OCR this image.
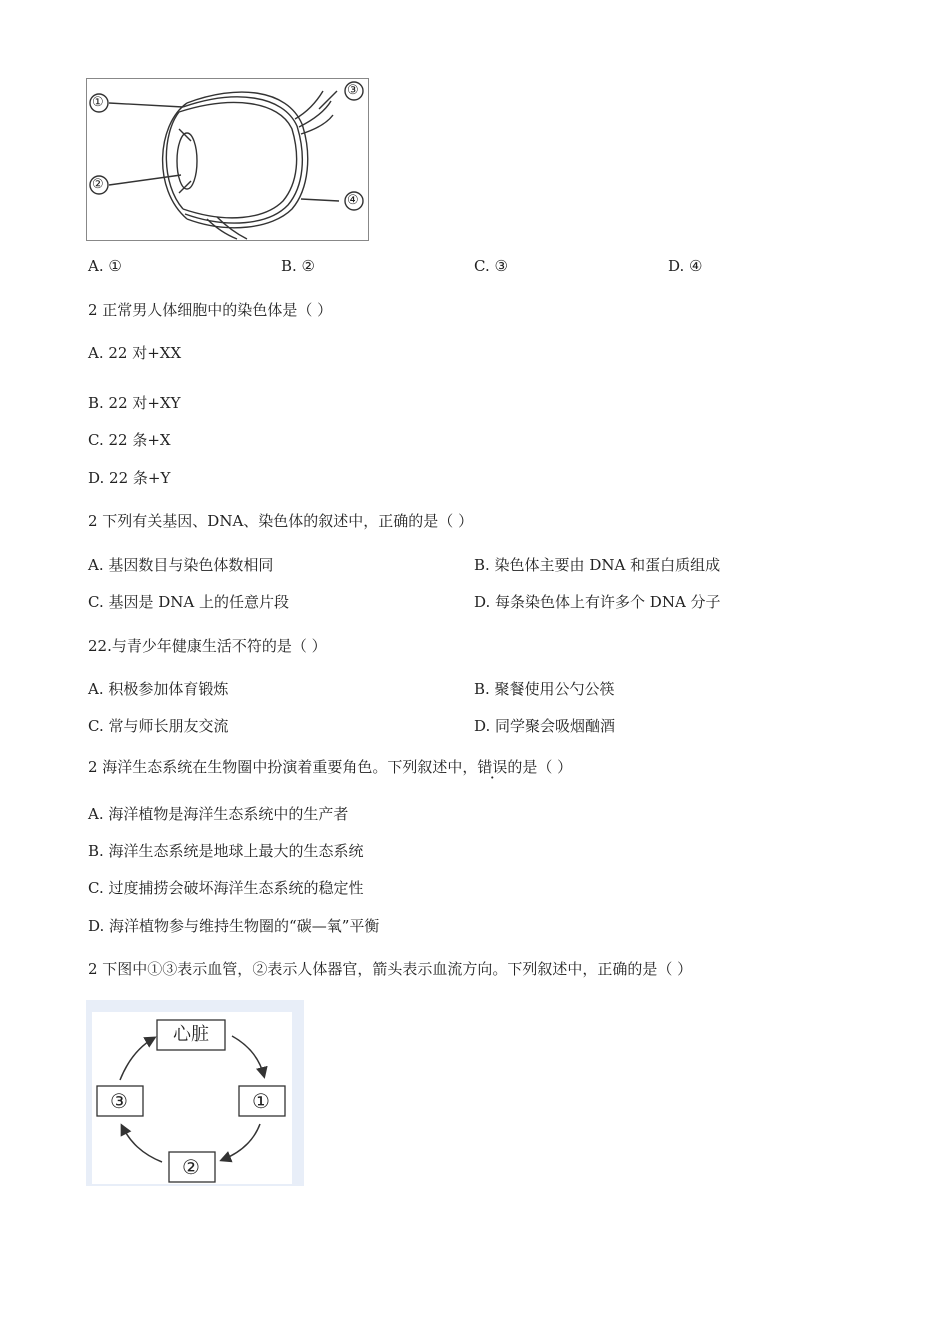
①
②
③
④
A. ①	B. ②	C. ③	D. ④
2 正常男人体细胞中的染色体是（ ）
A. 22 对+XX
B. 22 对+XY
C. 22 条+X
D. 22 条+Y
2 下列有关基因、DNA、染色体的叙述中，正确的是（ ）
A. 基因数目与染色体数相同	B. 染色体主要由 DNA 和蛋白质组成
C. 基因是 DNA 上的任意片段	D. 每条染色体上有许多个 DNA 分子
22.与青少年健康生活不符的是（ ）
A. 积极参加体育锻炼	B. 聚餐使用公勺公筷
C. 常与师长朋友交流	D. 同学聚会吸烟酗酒
2 海洋生态系统在生物圈中扮演着重要角色。下列叙述中，错误的是（ ）
A. 海洋植物是海洋生态系统中的生产者
B. 海洋生态系统是地球上最大的生态系统
C. 过度捕捞会破坏海洋生态系统的稳定性
D. 海洋植物参与维持生物圈的“碳—氧”平衡
2 下图中①③表示血管，②表示人体器官，箭头表示血流方向。下列叙述中，正确的是（ ）
心脏
①
②
③
